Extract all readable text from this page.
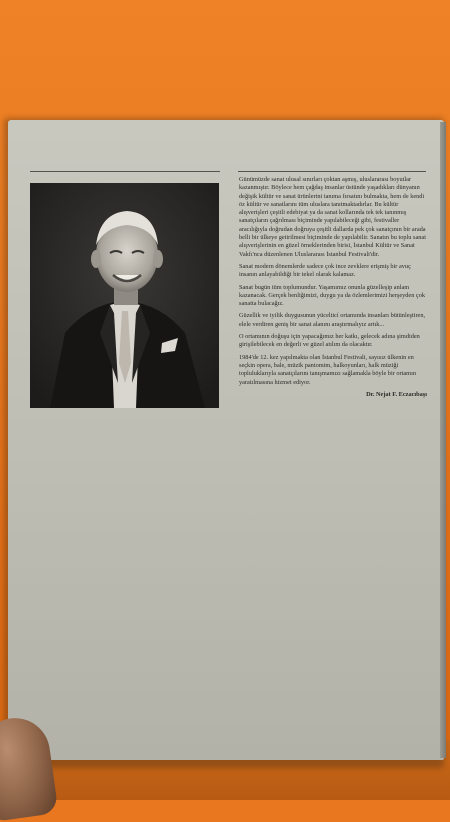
Günümüzde sanat ulusal sınırları çoktan aşmış, uluslararası boyutlar kazanmıştır. Böylece hem çağdaş insanlar üstünde yaşadıkları dünyanın değişik kültür ve sanat ürünlerini tanıma fırsatını bulmakta, hem de kendi öz kültür ve sanatlarını tüm uluslara tanıtmaktadırlar. Bu kültür alışverişleri çeşitli edebiyat ya da sanat kollarında tek tek tanınmış sanatçıların çağrılması biçiminde yapılabileceği gibi, festivaller aracılığıyla doğrudan doğruya çeşitli dallarda pek çok sanatçının bir arada belli bir ülkeye getirilmesi biçiminde de yapılabilir. Sanatın bu toplu sanat alışverişlerinin en güzel örneklerinden birisi, İstanbul Kültür ve Sanat Vakfı'nca düzenlenen Uluslararası İstanbul Festivali'dir.

Sanat modern dönemlerde sadece çok ince zevklere erişmiş bir avuç insanın anlayabildiği bir tekel olarak kalamaz.

Sanat bugün tüm toplumundur. Yaşamımız onunla güzelleşip anlam kazanacak. Gerçek benliğimizi, duygu ya da özlemlerimizi herşeyden çok sanatta bulacağız.

Güzellik ve iyilik duygusunun yücelticí ortamında insanları bütünleştiren, elele verdiren geniş bir sanat alanını araştırmalıyız artık...

O ortamının doğuşu için yapacağımız her katkı, gelecek adına şimdiden girişilebilecek en değerli ve güzel atılım da olacaktır.

1984'de 12. kez yapılmakta olan İstanbul Festivali, sayısız ülkenin en seçkin opera, bale, müzik pantomim, halkoyunları, halk müziği topluluklarıyla sanatçılarını tanışmamızı sağlamakla böyle bir ortamın yaratılmasına hizmet ediyor.

Dr. Nejat F. Eczacıbaşı
